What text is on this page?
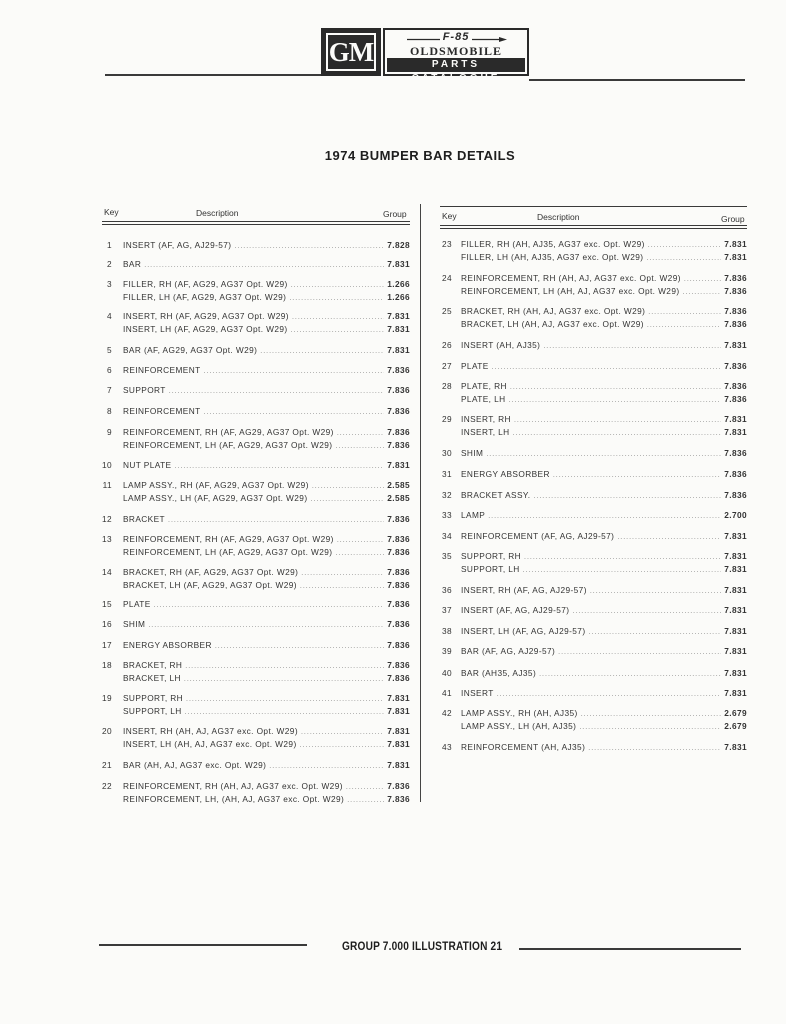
GM	F-85
OLDSMOBILE
PARTS CATALOGUE
1974 BUMPER BAR DETAILS
Key	Description	Group	Key	Description	Group
1 INSERT (AF, AG, AJ29-57) .....	7.828
2 BAR .....	7.831
3 FILLER, RH (AF, AG29, AG37 Opt. W29) .....	1.266
FILLER, LH (AF, AG29, AG37 Opt. W29) .....	1.266
4 INSERT, RH (AF, AG29, AG37 Opt. W29) .....	7.831
INSERT, LH (AF, AG29, AG37 Opt. W29) .....	7.831
5 BAR (AF, AG29, AG37 Opt. W29) .....	7.831
6 REINFORCEMENT .....	7.836
7 SUPPORT .....	7.836
8 REINFORCEMENT .....	7.836
9 REINFORCEMENT, RH (AF, AG29, AG37 Opt. W29) .....	7.836
REINFORCEMENT, LH (AF, AG29, AG37 Opt. W29) .....	7.836
10 NUT PLATE .....	7.831
11 LAMP ASSY., RH (AF, AG29, AG37 Opt. W29) .....	2.585
LAMP ASSY., LH (AF, AG29, AG37 Opt. W29) .....	2.585
12 BRACKET .....	7.836
13 REINFORCEMENT, RH (AF, AG29, AG37 Opt. W29) .....	7.836
REINFORCEMENT, LH (AF, AG29, AG37 Opt. W29) .....	7.836
14 BRACKET, RH (AF, AG29, AG37 Opt. W29) .....	7.836
BRACKET, LH (AF, AG29, AG37 Opt. W29) .....	7.836
15 PLATE .....	7.836
16 SHIM .....	7.836
17 ENERGY ABSORBER .....	7.836
18 BRACKET, RH .....	7.836
BRACKET, LH .....	7.836
19 SUPPORT, RH .....	7.831
SUPPORT, LH .....	7.831
20 INSERT, RH (AH, AJ, AG37 exc. Opt. W29) .....	7.831
INSERT, LH (AH, AJ, AG37 exc. Opt. W29) .....	7.831
21 BAR (AH, AJ, AG37 exc. Opt. W29) .....	7.831
22 REINFORCEMENT, RH (AH, AJ, AG37 exc. Opt. W29) .....	7.836
REINFORCEMENT, LH, (AH, AJ, AG37 exc. Opt. W29) .....	7.836
23 FILLER, RH (AH, AJ35, AG37 exc. Opt. W29) .....	7.831
FILLER, LH (AH, AJ35, AG37 exc. Opt. W29) .....	7.831
24 REINFORCEMENT, RH (AH, AJ, AG37 exc. Opt. W29) .....	7.836
REINFORCEMENT, LH (AH, AJ, AG37 exc. Opt. W29) .....	7.836
25 BRACKET, RH (AH, AJ, AG37 exc. Opt. W29) .....	7.836
BRACKET, LH (AH, AJ, AG37 exc. Opt. W29) .....	7.836
26 INSERT (AH, AJ35) .....	7.831
27 PLATE .....	7.836
28 PLATE, RH .....	7.836
PLATE, LH .....	7.836
29 INSERT, RH .....	7.831
INSERT, LH .....	7.831
30 SHIM .....	7.836
31 ENERGY ABSORBER .....	7.836
32 BRACKET ASSY. .....	7.836
33 LAMP .....	2.700
34 REINFORCEMENT (AF, AG, AJ29-57) .....	7.831
35 SUPPORT, RH .....	7.831
SUPPORT, LH .....	7.831
36 INSERT, RH (AF, AG, AJ29-57) .....	7.831
37 INSERT (AF, AG, AJ29-57) .....	7.831
38 INSERT, LH (AF, AG, AJ29-57) .....	7.831
39 BAR (AF, AG, AJ29-57) .....	7.831
40 BAR (AH35, AJ35) .....	7.831
41 INSERT .....	7.831
42 LAMP ASSY., RH (AH, AJ35) .....	2.679
LAMP ASSY., LH (AH, AJ35) .....	2.679
43 REINFORCEMENT (AH, AJ35) .....	7.831
GROUP 7.000 ILLUSTRATION 21
